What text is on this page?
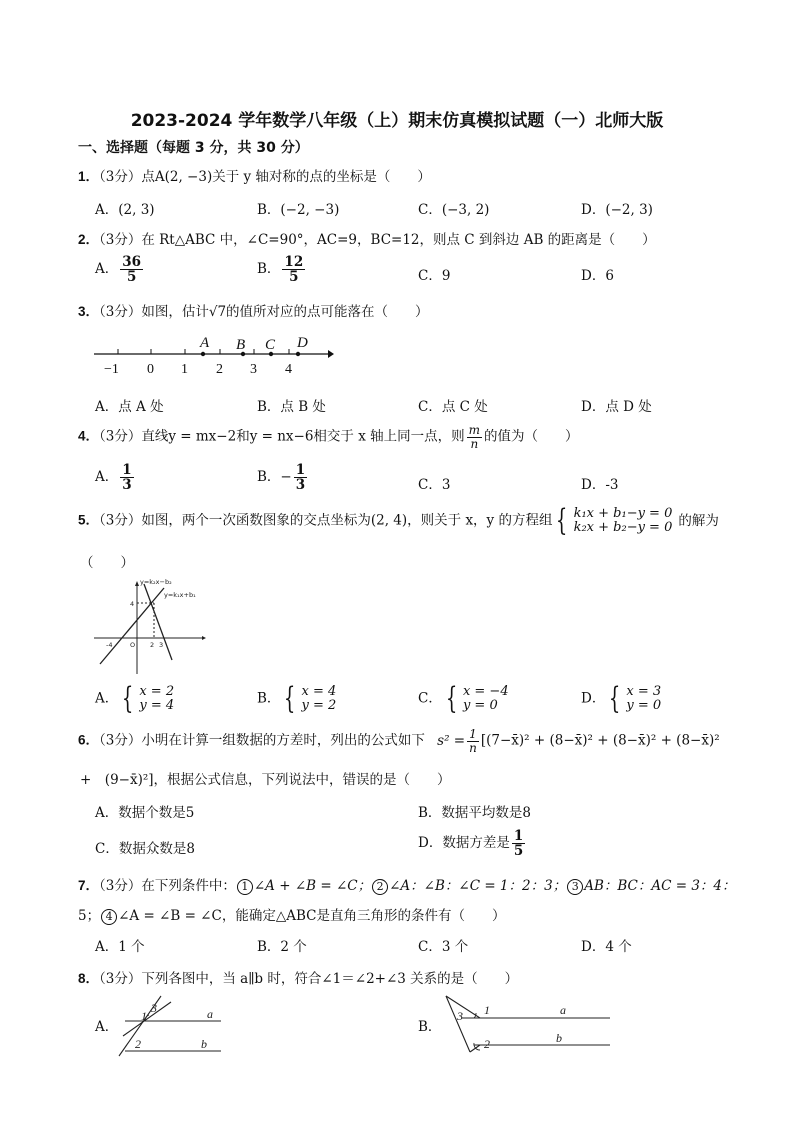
2023-2024 学年数学八年级（上）期末仿真模拟试题（一）北师大版
一、选择题（每题 3 分，共 30 分）
1．（3分）点A(2, −3)关于 y 轴对称的点的坐标是（　　）
A．(2, 3)	B．(−2, −3)	C．(−3, 2)	D．(−2, 3)
2．（3分）在 Rt△ABC 中，∠C=90°，AC=9，BC=12，则点 C 到斜边 AB 的距离是（　　）
A． $\frac{36}{5}$	B． $\frac{12}{5}$	C．9	D．6
3．（3分）如图，估计√7的值所对应的点可能落在（　　）
−1 0 1 2 3 4
A B C D
A．点 A 处	B．点 B 处	C．点 C 处	D．点 D 处
4．（3分）直线y = mx−2和y = nx−6相交于 x 轴上同一点，则 $\frac{m}{n}$ 的值为（　　）
A． $\frac{1}{3}$	B．− $\frac{1}{3}$	C．3	D．-3
5．（3分）如图，两个一次函数图象的交点坐标为(2, 4)，则关于 x，y 的方程组 { k₁x + b₁−y = 0
k₂x + b₂−y = 0 的解为
（　　）
y=k₂x−b₂
y=k₁x+b₁
4
-4	O 2 3
A． { x = 2
y = 4	B． { x = 4
y = 2	C． { x = −4
y = 0	D． { x = 3
y = 0
6．（3分）小明在计算一组数据的方差时，列出的公式如下 $s^2 = \frac{1}{n}$ [(7−x̄)² + (8−x̄)² + (8−x̄)² + (8−x̄)²
+　(9−x̄)²]，根据公式信息，下列说法中，错误的是（　　）
A．数据个数是5	B．数据平均数是8
C．数据众数是8	D．数据方差是 $\frac{1}{5}$
7．（3分）在下列条件中： 1 ∠A + ∠B = ∠C； 2 ∠A：∠B：∠C = 1：2：3； 3 AB：BC：AC = 3：4：
5； 4 ∠A = ∠B = ∠C，能确定△ABC是直角三角形的条件有（　　）
A．1 个	B．2 个	C．3 个	D．4 个
8．（3分）下列各图中，当 a∥b 时，符合∠1＝∠2+∠3 关系的是（　　）
A．
1
3
2
a
b
B．
1
3
2
a
b
